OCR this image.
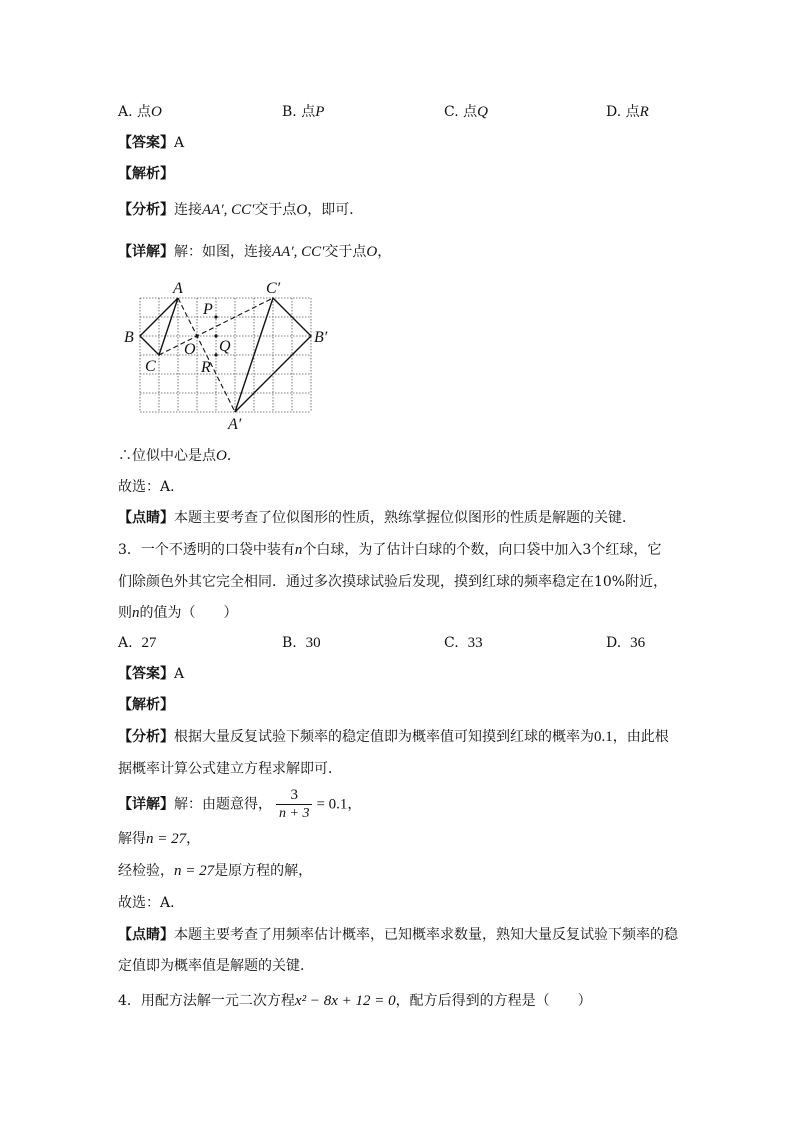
A. 点O	B. 点P	C. 点Q	D. 点R
【答案】A
【解析】
【分析】连接AA′, CC′交于点O，即可．
【详解】解：如图，连接AA′, CC′交于点O，
A
B
C
A′
B′
C′
O
P
Q
R
∴位似中心是点O．
故选：A．
【点睛】本题主要考查了位似图形的性质，熟练掌握位似图形的性质是解题的关键．
3．一个不透明的口袋中装有n个白球，为了估计白球的个数，向口袋中加入3个红球，它
们除颜色外其它完全相同．通过多次摸球试验后发现，摸到红球的频率稳定在10%附近，
则n的值为（　　）
A. 27	B. 30	C. 33	D. 36
【答案】A
【解析】
【分析】根据大量反复试验下频率的稳定值即为概率值可知摸到红球的概率为0.1，由此根
据概率计算公式建立方程求解即可．
【详解】解：由题意得， $\frac{3}{n + 3} = 0.1$，
解得n = 27，
经检验，n = 27是原方程的解，
故选：A．
【点睛】本题主要考查了用频率估计概率，已知概率求数量，熟知大量反复试验下频率的稳
定值即为概率值是解题的关键．
4．用配方法解一元二次方程x² − 8x + 12 = 0，配方后得到的方程是（　　）
